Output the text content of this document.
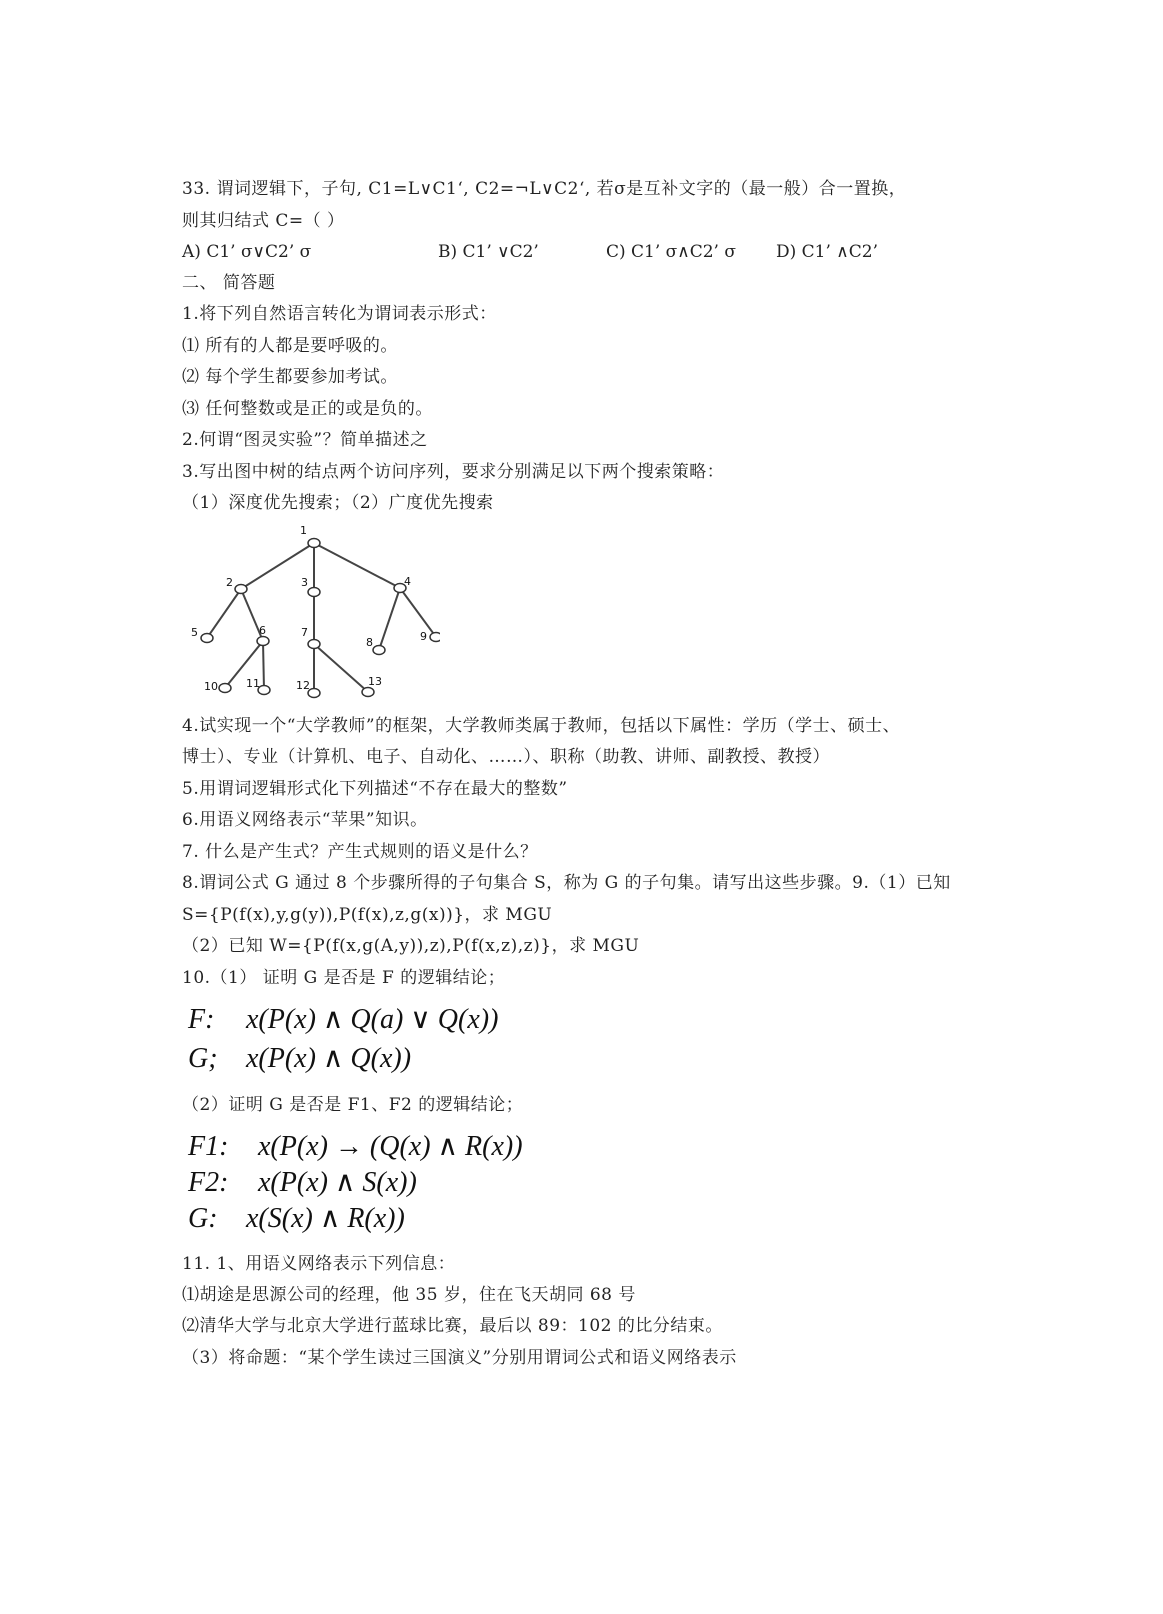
33. 谓词逻辑下，子句, C1=L∨C1‘, C2=¬L∨C2‘, 若σ是互补文字的（最一般）合一置换，
则其归结式 C=（ ）
A) C1’ σ∨C2’ σ	B) C1’ ∨C2’	C) C1’ σ∧C2’ σ D) C1’ ∧C2’
二、 简答题
1.将下列自然语言转化为谓词表示形式：
⑴ 所有的人都是要呼吸的。
⑵ 每个学生都要参加考试。
⑶ 任何整数或是正的或是负的。
2.何谓“图灵实验”？简单描述之
3.写出图中树的结点两个访问序列，要求分别满足以下两个搜索策略：
（1）深度优先搜索；（2）广度优先搜索
1
2	3	4
5	6	7
8	9
10	11	12	13
4.试实现一个“大学教师”的框架，大学教师类属于教师，包括以下属性：学历（学士、硕士、
博士）、专业（计算机、电子、自动化、……）、职称（助教、讲师、副教授、教授）
5.用谓词逻辑形式化下列描述“不存在最大的整数”
6.用语义网络表示“苹果”知识。
7. 什么是产生式？产生式规则的语义是什么？
8.谓词公式 G 通过 8 个步骤所得的子句集合 S，称为 G 的子句集。请写出这些步骤。9.（1）已知
S={P(f(x),y,g(y)),P(f(x),z,g(x))}，求 MGU
（2）已知 W={P(f(x,g(A,y)),z),P(f(x,z),z)}，求 MGU
10.（1） 证明 G 是否是 F 的逻辑结论；
F: x(P(x) ∧ Q(a) ∨ Q(x))
G; x(P(x) ∧ Q(x))
（2）证明 G 是否是 F1、F2 的逻辑结论；
F1: x(P(x) → (Q(x) ∧ R(x))
F2: x(P(x) ∧ S(x))
G: x(S(x) ∧ R(x))
11. 1、用语义网络表示下列信息：
⑴胡途是思源公司的经理，他 35 岁，住在飞天胡同 68 号
⑵清华大学与北京大学进行蓝球比赛，最后以 89：102 的比分结束。
（3）将命题：“某个学生读过三国演义”分别用谓词公式和语义网络表示
